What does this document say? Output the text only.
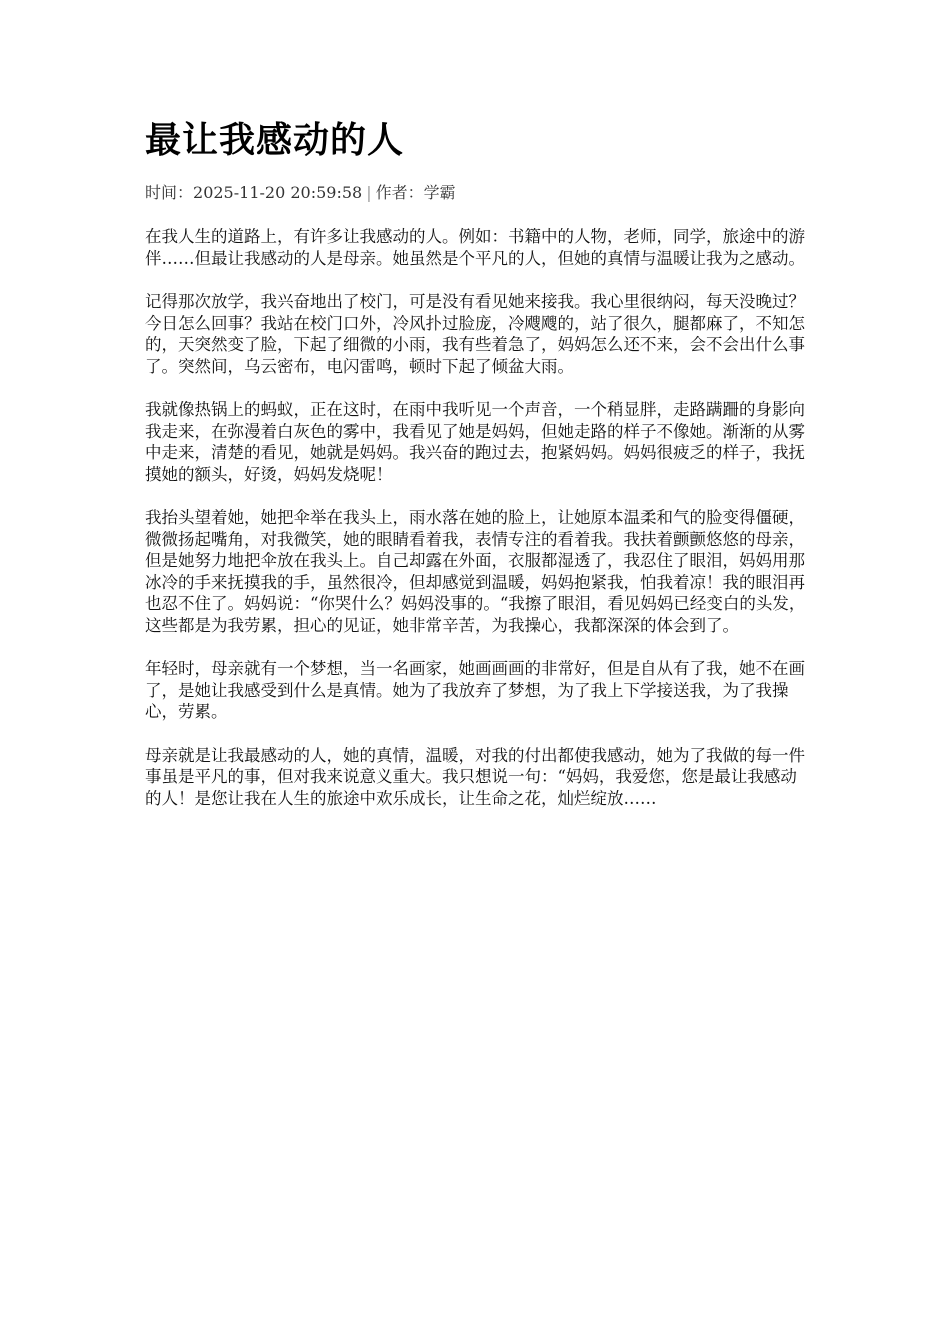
最让我感动的人
时间：2025-11-20 20:59:58 | 作者：学霸

在我人生的道路上，有许多让我感动的人。例如：书籍中的人物，老师，同学，旅途中的游伴……但最让我感动的人是母亲。她虽然是个平凡的人，但她的真情与温暖让我为之感动。

记得那次放学，我兴奋地出了校门，可是没有看见她来接我。我心里很纳闷，每天没晚过？今日怎么回事？我站在校门口外，冷风扑过脸庞，冷飕飕的，站了很久，腿都麻了，不知怎的，天突然变了脸，下起了细微的小雨，我有些着急了，妈妈怎么还不来，会不会出什么事了。突然间，乌云密布，电闪雷鸣，顿时下起了倾盆大雨。

我就像热锅上的蚂蚁，正在这时，在雨中我听见一个声音，一个稍显胖，走路蹒跚的身影向我走来，在弥漫着白灰色的雾中，我看见了她是妈妈，但她走路的样子不像她。渐渐的从雾中走来，清楚的看见，她就是妈妈。我兴奋的跑过去，抱紧妈妈。妈妈很疲乏的样子，我抚摸她的额头，好烫，妈妈发烧呢！

我抬头望着她，她把伞举在我头上，雨水落在她的脸上，让她原本温柔和气的脸变得僵硬，微微扬起嘴角，对我微笑，她的眼睛看着我，表情专注的看着我。我扶着颤颤悠悠的母亲，但是她努力地把伞放在我头上。自己却露在外面，衣服都湿透了，我忍住了眼泪，妈妈用那冰冷的手来抚摸我的手，虽然很冷，但却感觉到温暖，妈妈抱紧我，怕我着凉！我的眼泪再也忍不住了。妈妈说：“你哭什么？妈妈没事的。“我擦了眼泪，看见妈妈已经变白的头发，这些都是为我劳累，担心的见证，她非常辛苦，为我操心，我都深深的体会到了。

年轻时，母亲就有一个梦想，当一名画家，她画画画的非常好，但是自从有了我，她不在画了，是她让我感受到什么是真情。她为了我放弃了梦想，为了我上下学接送我，为了我操心，劳累。

母亲就是让我最感动的人，她的真情，温暖，对我的付出都使我感动，她为了我做的每一件事虽是平凡的事，但对我来说意义重大。我只想说一句：“妈妈，我爱您，您是最让我感动的人！是您让我在人生的旅途中欢乐成长，让生命之花，灿烂绽放……
